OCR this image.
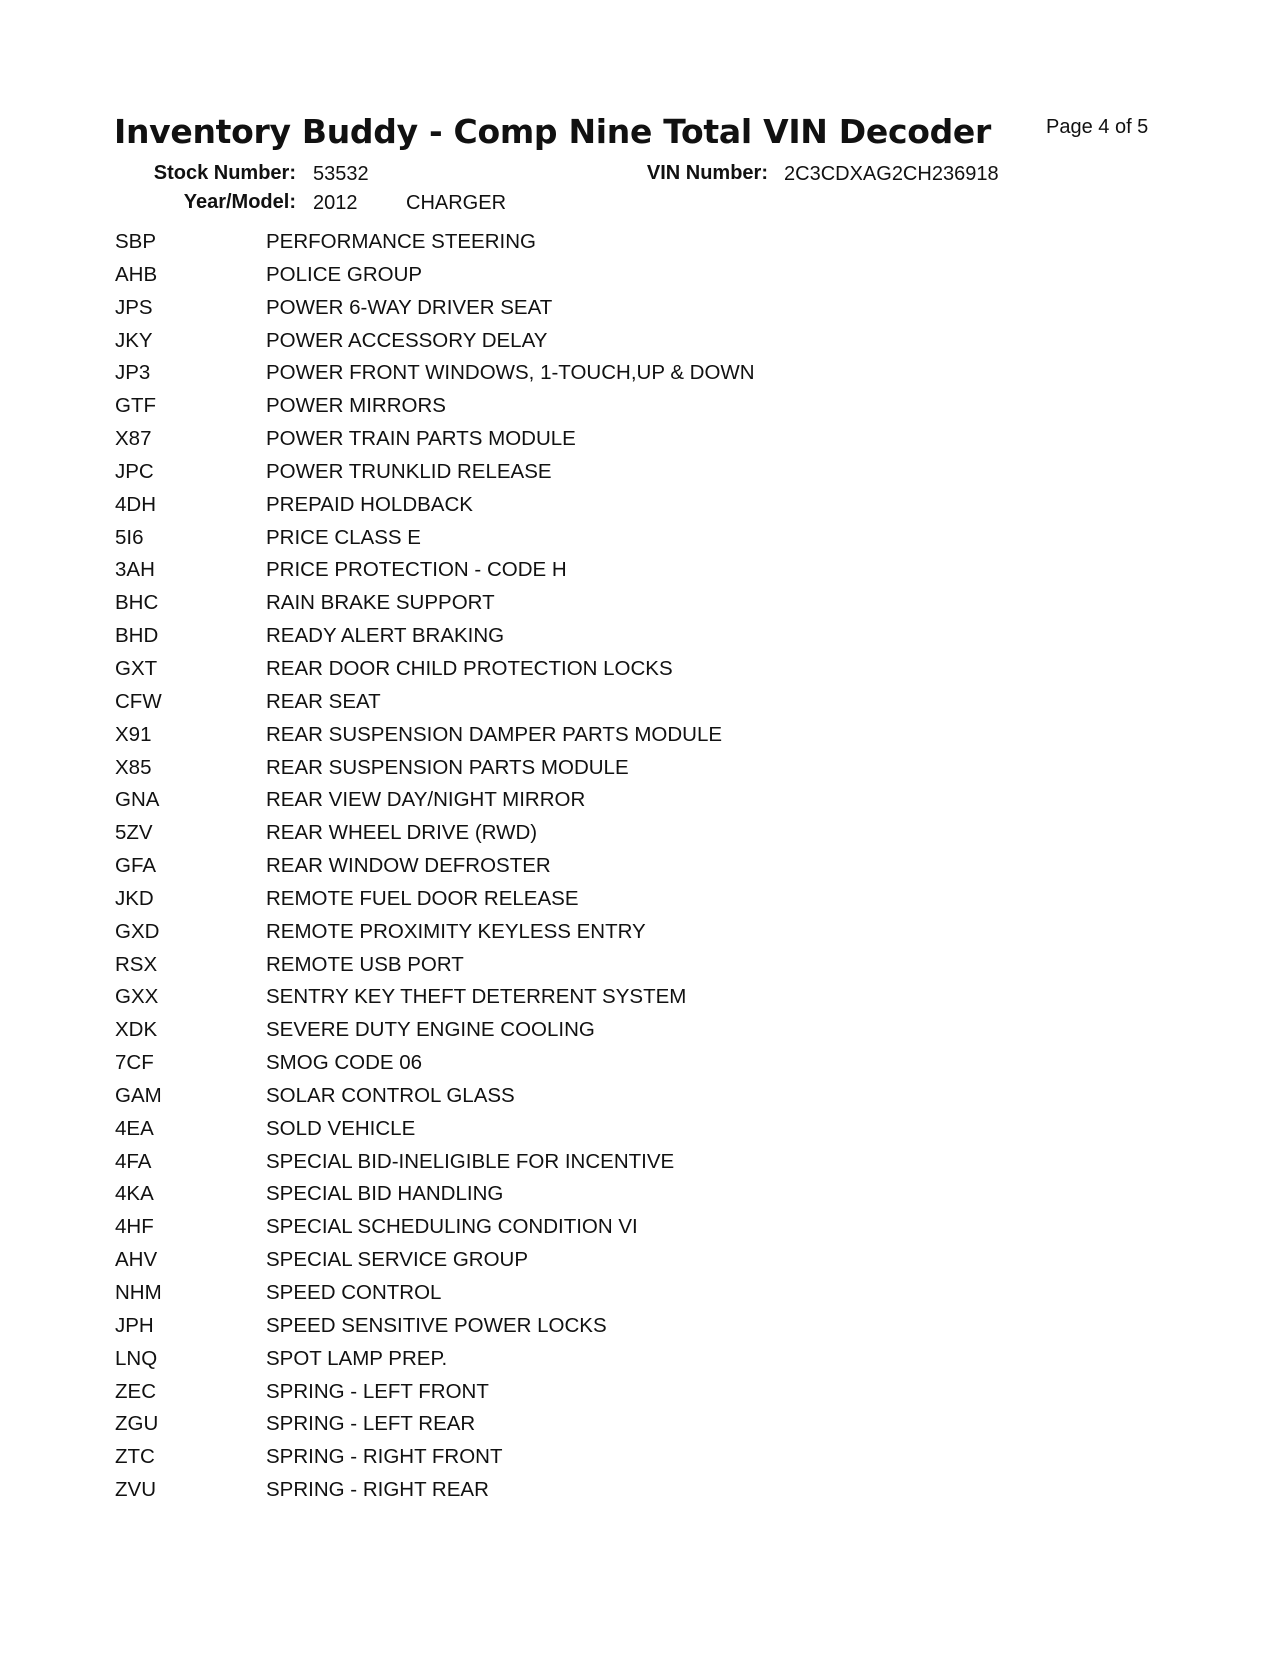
Inventory Buddy - Comp Nine Total VIN Decoder	Page 4 of 5
Stock Number: 53532	VIN Number: 2C3CDXAG2CH236918
Year/Model: 2012 CHARGER
SBP	PERFORMANCE STEERING
AHB	POLICE GROUP
JPS	POWER 6-WAY DRIVER SEAT
JKY	POWER ACCESSORY DELAY
JP3	POWER FRONT WINDOWS, 1-TOUCH,UP & DOWN
GTF	POWER MIRRORS
X87	POWER TRAIN PARTS MODULE
JPC	POWER TRUNKLID RELEASE
4DH	PREPAID HOLDBACK
5I6	PRICE CLASS E
3AH	PRICE PROTECTION - CODE H
BHC	RAIN BRAKE SUPPORT
BHD	READY ALERT BRAKING
GXT	REAR DOOR CHILD PROTECTION LOCKS
CFW	REAR SEAT
X91	REAR SUSPENSION DAMPER PARTS MODULE
X85	REAR SUSPENSION PARTS MODULE
GNA	REAR VIEW DAY/NIGHT MIRROR
5ZV	REAR WHEEL DRIVE (RWD)
GFA	REAR WINDOW DEFROSTER
JKD	REMOTE FUEL DOOR RELEASE
GXD	REMOTE PROXIMITY KEYLESS ENTRY
RSX	REMOTE USB PORT
GXX	SENTRY KEY THEFT DETERRENT SYSTEM
XDK	SEVERE DUTY ENGINE COOLING
7CF	SMOG CODE 06
GAM	SOLAR CONTROL GLASS
4EA	SOLD VEHICLE
4FA	SPECIAL BID-INELIGIBLE FOR INCENTIVE
4KA	SPECIAL BID HANDLING
4HF	SPECIAL SCHEDULING CONDITION VI
AHV	SPECIAL SERVICE GROUP
NHM	SPEED CONTROL
JPH	SPEED SENSITIVE POWER LOCKS
LNQ	SPOT LAMP PREP.
ZEC	SPRING - LEFT FRONT
ZGU	SPRING - LEFT REAR
ZTC	SPRING - RIGHT FRONT
ZVU	SPRING - RIGHT REAR
